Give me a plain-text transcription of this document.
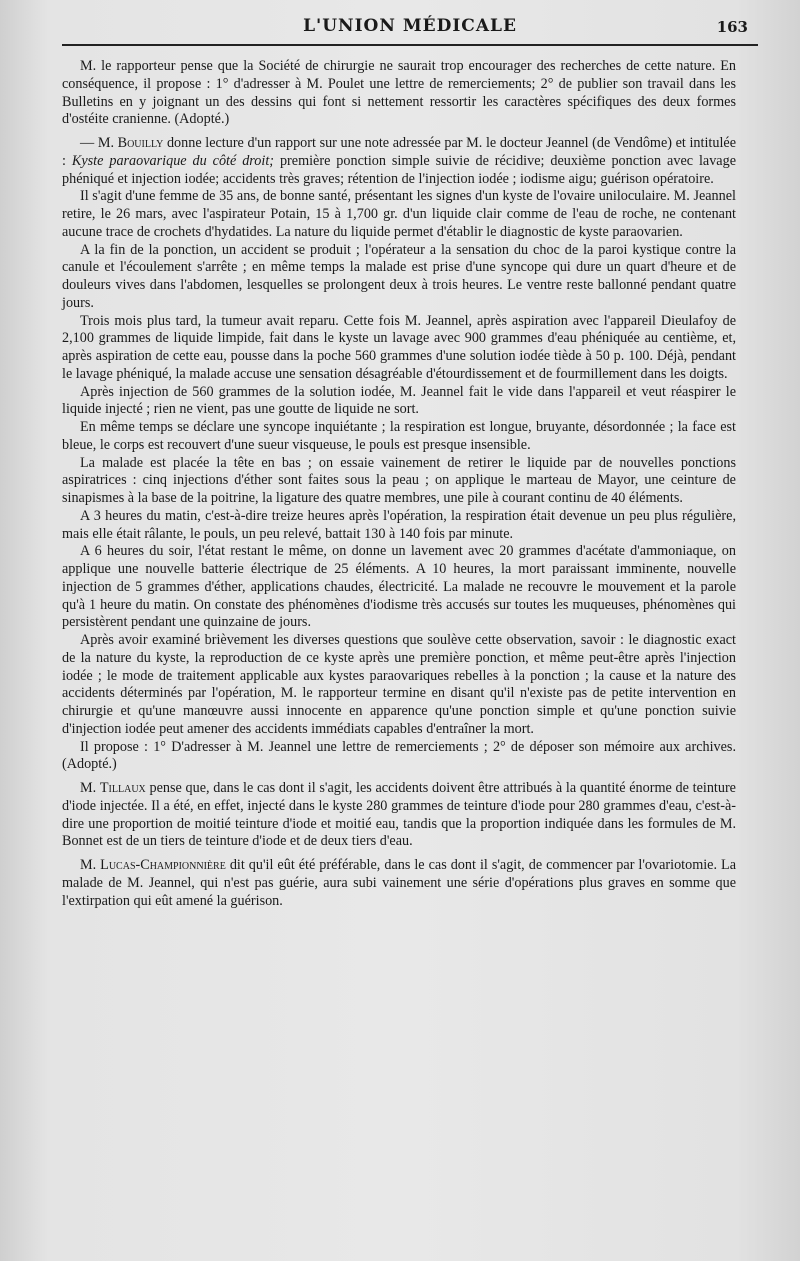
L'UNION MÉDICALE	163

M. le rapporteur pense que la Société de chirurgie ne saurait trop encourager des recherches de cette nature. En conséquence, il propose : 1° d'adresser à M. Poulet une lettre de remerciements; 2° de publier son travail dans les Bulletins en y joignant un des dessins qui font si nettement ressortir les caractères spécifiques des deux formes d'ostéite cranienne. (Adopté.)

— M. Bouilly donne lecture d'un rapport sur une note adressée par M. le docteur Jeannel (de Vendôme) et intitulée : Kyste paraovarique du côté droit; première ponction simple suivie de récidive; deuxième ponction avec lavage phéniqué et injection iodée; accidents très graves; rétention de l'injection iodée ; iodisme aigu; guérison opératoire.

Il s'agit d'une femme de 35 ans, de bonne santé, présentant les signes d'un kyste de l'ovaire uniloculaire. M. Jeannel retire, le 26 mars, avec l'aspirateur Potain, 15 à 1,700 gr. d'un liquide clair comme de l'eau de roche, ne contenant aucune trace de crochets d'hydatides. La nature du liquide permet d'établir le diagnostic de kyste paraovarien.

A la fin de la ponction, un accident se produit ; l'opérateur a la sensation du choc de la paroi kystique contre la canule et l'écoulement s'arrête ; en même temps la malade est prise d'une syncope qui dure un quart d'heure et de douleurs vives dans l'abdomen, lesquelles se prolongent deux à trois heures. Le ventre reste ballonné pendant quatre jours.

Trois mois plus tard, la tumeur avait reparu. Cette fois M. Jeannel, après aspiration avec l'appareil Dieulafoy de 2,100 grammes de liquide limpide, fait dans le kyste un lavage avec 900 grammes d'eau phéniquée au centième, et, après aspiration de cette eau, pousse dans la poche 560 grammes d'une solution iodée tiède à 50 p. 100. Déjà, pendant le lavage phéniqué, la malade accuse une sensation désagréable d'étourdissement et de fourmillement dans les doigts.

Après injection de 560 grammes de la solution iodée, M. Jeannel fait le vide dans l'appareil et veut réaspirer le liquide injecté ; rien ne vient, pas une goutte de liquide ne sort.

En même temps se déclare une syncope inquiétante ; la respiration est longue, bruyante, désordonnée ; la face est bleue, le corps est recouvert d'une sueur visqueuse, le pouls est presque insensible.

La malade est placée la tête en bas ; on essaie vainement de retirer le liquide par de nouvelles ponctions aspiratrices : cinq injections d'éther sont faites sous la peau ; on applique le marteau de Mayor, une ceinture de sinapismes à la base de la poitrine, la ligature des quatre membres, une pile à courant continu de 40 éléments.

A 3 heures du matin, c'est-à-dire treize heures après l'opération, la respiration était devenue un peu plus régulière, mais elle était râlante, le pouls, un peu relevé, battait 130 à 140 fois par minute.

A 6 heures du soir, l'état restant le même, on donne un lavement avec 20 grammes d'acétate d'ammoniaque, on applique une nouvelle batterie électrique de 25 éléments. A 10 heures, la mort paraissant imminente, nouvelle injection de 5 grammes d'éther, applications chaudes, électricité. La malade ne recouvre le mouvement et la parole qu'à 1 heure du matin. On constate des phénomènes d'iodisme très accusés sur toutes les muqueuses, phénomènes qui persistèrent pendant une quinzaine de jours.

Après avoir examiné brièvement les diverses questions que soulève cette observation, savoir : le diagnostic exact de la nature du kyste, la reproduction de ce kyste après une première ponction, et même peut-être après l'injection iodée ; le mode de traitement applicable aux kystes paraovariques rebelles à la ponction ; la cause et la nature des accidents déterminés par l'opération, M. le rapporteur termine en disant qu'il n'existe pas de petite intervention en chirurgie et qu'une manœuvre aussi innocente en apparence qu'une ponction simple et qu'une ponction suivie d'injection iodée peut amener des accidents immédiats capables d'entraîner la mort.

Il propose : 1° D'adresser à M. Jeannel une lettre de remerciements ; 2° de déposer son mémoire aux archives. (Adopté.)

M. Tillaux pense que, dans le cas dont il s'agit, les accidents doivent être attribués à la quantité énorme de teinture d'iode injectée. Il a été, en effet, injecté dans le kyste 280 grammes de teinture d'iode pour 280 grammes d'eau, c'est-à-dire une proportion de moitié teinture d'iode et moitié eau, tandis que la proportion indiquée dans les formules de M. Bonnet est de un tiers de teinture d'iode et de deux tiers d'eau.

M. Lucas-Championnière dit qu'il eût été préférable, dans le cas dont il s'agit, de commencer par l'ovariotomie. La malade de M. Jeannel, qui n'est pas guérie, aura subi vainement une série d'opérations plus graves en somme que l'extirpation qui eût amené la guérison.
